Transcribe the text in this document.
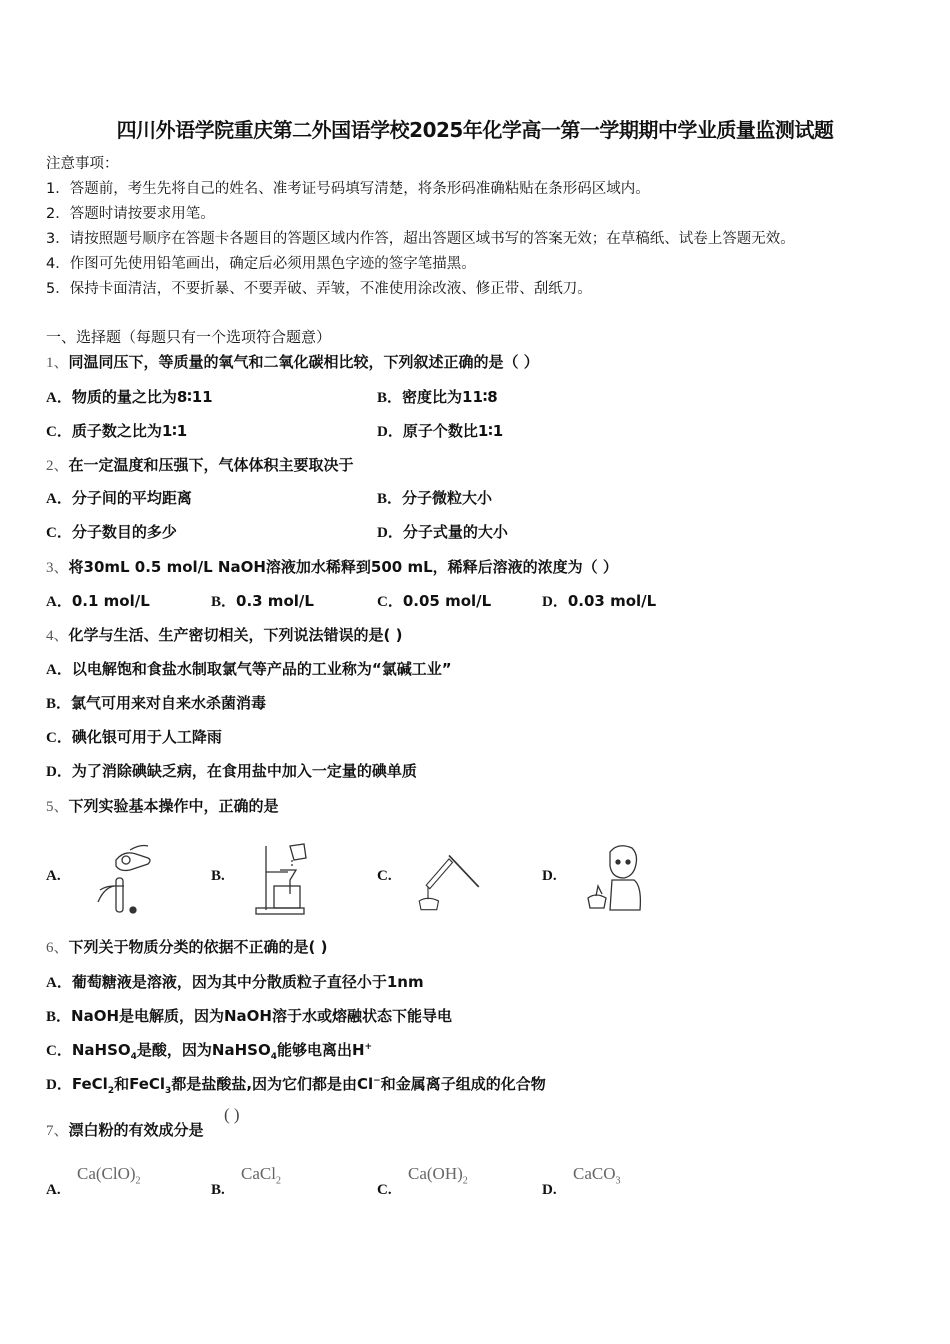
四川外语学院重庆第二外国语学校2025年化学高一第一学期期中学业质量监测试题
注意事项：
1．答题前，考生先将自己的姓名、准考证号码填写清楚，将条形码准确粘贴在条形码区域内。
2．答题时请按要求用笔。
3．请按照题号顺序在答题卡各题目的答题区域内作答，超出答题区域书写的答案无效；在草稿纸、试卷上答题无效。
4．作图可先使用铅笔画出，确定后必须用黑色字迹的签字笔描黑。
5．保持卡面清洁，不要折暴、不要弄破、弄皱，不准使用涂改液、修正带、刮纸刀。
一、选择题（每题只有一个选项符合题意）
1、同温同压下，等质量的氧气和二氧化碳相比较，下列叙述正确的是（ ）
A．物质的量之比为8∶11	B．密度比为11∶8
C．质子数之比为1∶1	D．原子个数比1∶1
2、在一定温度和压强下，气体体积主要取决于
A．分子间的平均距离	B．分子微粒大小
C．分子数目的多少	D．分子式量的大小
3、将30mL 0.5 mol/L NaOH溶液加水稀释到500 mL，稀释后溶液的浓度为（ ）
A．0.1 mol/L	B．0.3 mol/L	C．0.05 mol/L	D．0.03 mol/L
4、化学与生活、生产密切相关，下列说法错误的是( )
A．以电解饱和食盐水制取氯气等产品的工业称为“氯碱工业”
B．氯气可用来对自来水杀菌消毒
C．碘化银可用于人工降雨
D．为了消除碘缺乏病，在食用盐中加入一定量的碘单质
5、下列实验基本操作中，正确的是
A.	B.	C.	D.
6、下列关于物质分类的依据不正确的是( )
A．葡萄糖液是溶液，因为其中分散质粒子直径小于1nm
B．NaOH是电解质，因为NaOH溶于水或熔融状态下能导电
C．NaHSO$_4$是酸，因为NaHSO$_4$能够电离出H+
D．FeCl$_2$和FeCl$_3$都是盐酸盐,因为它们都是由Cl−和金属离子组成的化合物
7、漂白粉的有效成分是
( )
A.
$Ca(ClO)_2$
B.
CaCl$_2$
C.
$Ca(OH)_2$
D.
CaCO$_3$
